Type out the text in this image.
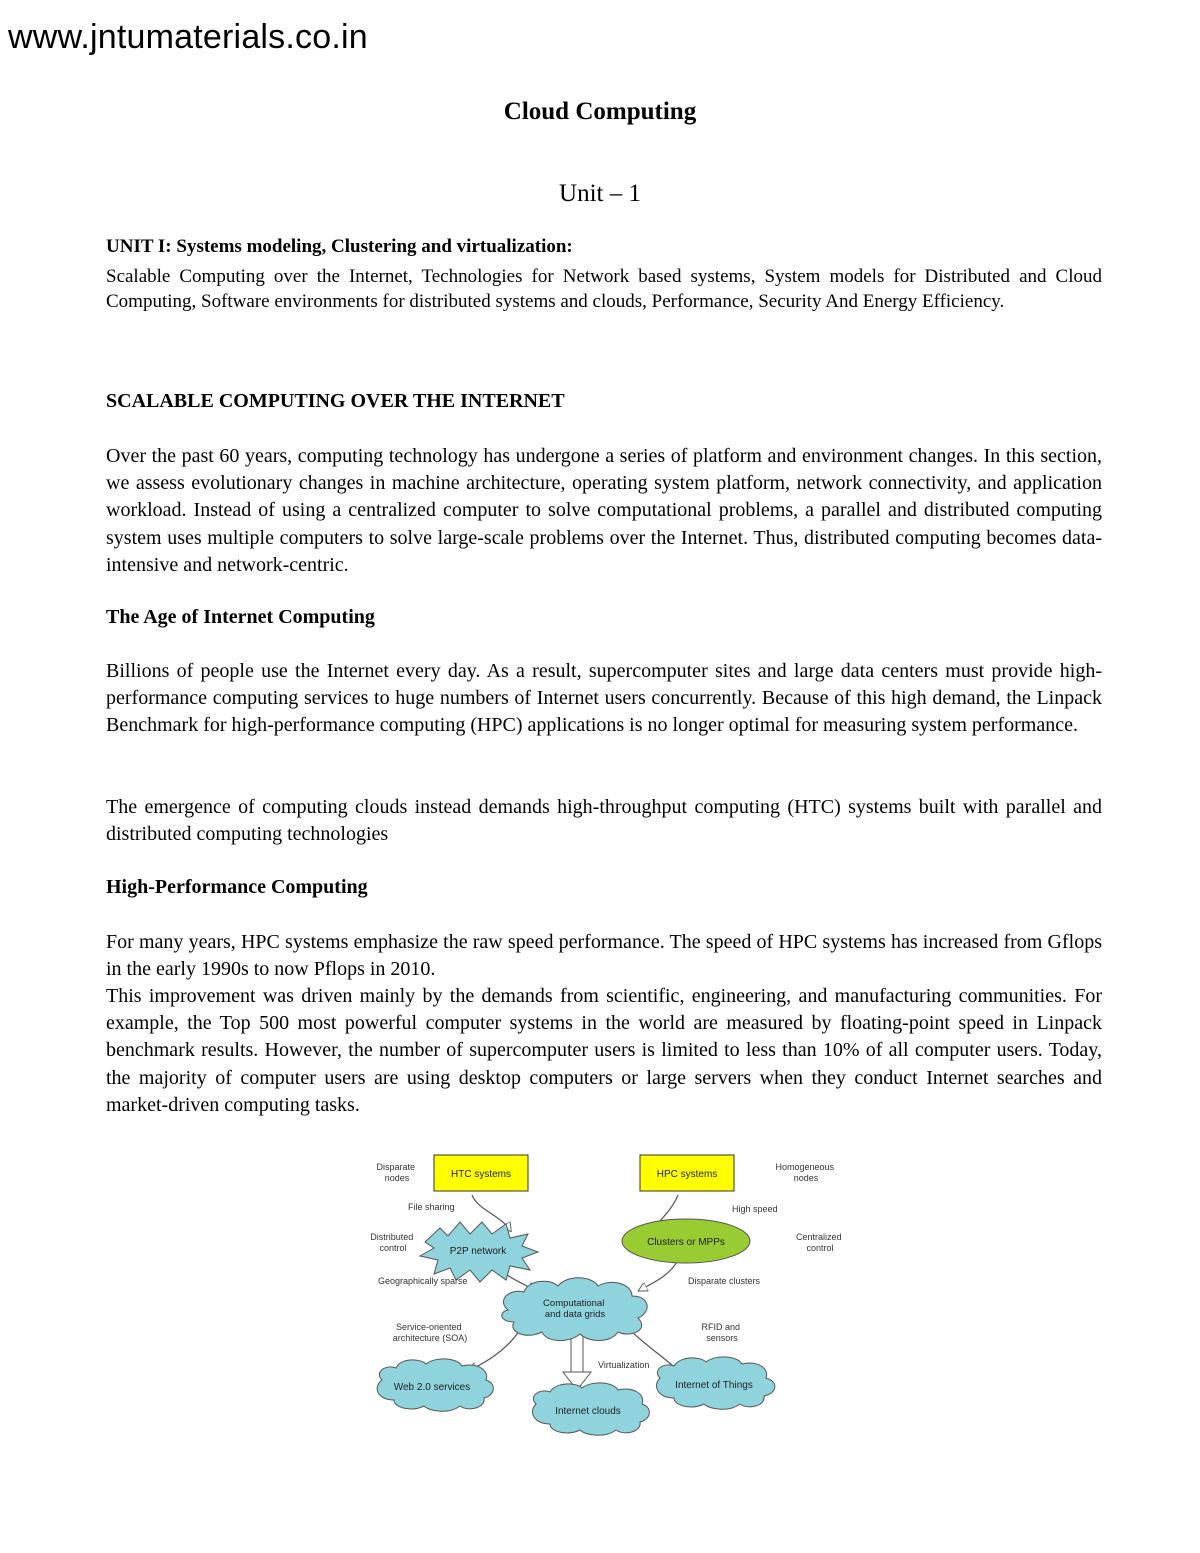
www.jntumaterials.co.in
Cloud Computing
Unit – 1
UNIT I: Systems modeling, Clustering and virtualization:
Scalable Computing over the Internet, Technologies for Network based systems, System models for Distributed and Cloud Computing, Software environments for distributed systems and clouds, Performance, Security And Energy Efficiency.
SCALABLE COMPUTING OVER THE INTERNET
Over the past 60 years, computing technology has undergone a series of platform and environment changes. In this section, we assess evolutionary changes in machine architecture, operating system platform, network connectivity, and application workload. Instead of using a centralized computer to solve computational problems, a parallel and distributed computing system uses multiple computers to solve large-scale problems over the Internet. Thus, distributed computing becomes data-intensive and network-centric.
The Age of Internet Computing
Billions of people use the Internet every day. As a result, supercomputer sites and large data centers must provide high-performance computing services to huge numbers of Internet users concurrently. Because of this high demand, the Linpack Benchmark for high-performance computing (HPC) applications is no longer optimal for measuring system performance.
The emergence of computing clouds instead demands high-throughput computing (HTC) systems built with parallel and distributed computing technologies
High-Performance Computing
For many years, HPC systems emphasize the raw speed performance. The speed of HPC systems has increased from Gflops in the early 1990s to now Pflops in 2010.
This improvement was driven mainly by the demands from scientific, engineering, and manufacturing communities. For example, the Top 500 most powerful computer systems in the world are measured by floating-point speed in Linpack benchmark results. However, the number of supercomputer users is limited to less than 10% of all computer users. Today, the majority of computer users are using desktop computers or large servers when they conduct Internet searches and market-driven computing tasks.
HTC systems	HPC systems
Disparate nodes
Homogeneous nodes
File sharing	High speed
P2P network
Clusters or MPPs
Distributed control
Centralized control
Geographically sparse	Disparate clusters
Computational and data grids
Service-oriented architecture (SOA)
RFID and sensors
Virtualization
Web 2.0 services
Internet clouds
Internet of Things
